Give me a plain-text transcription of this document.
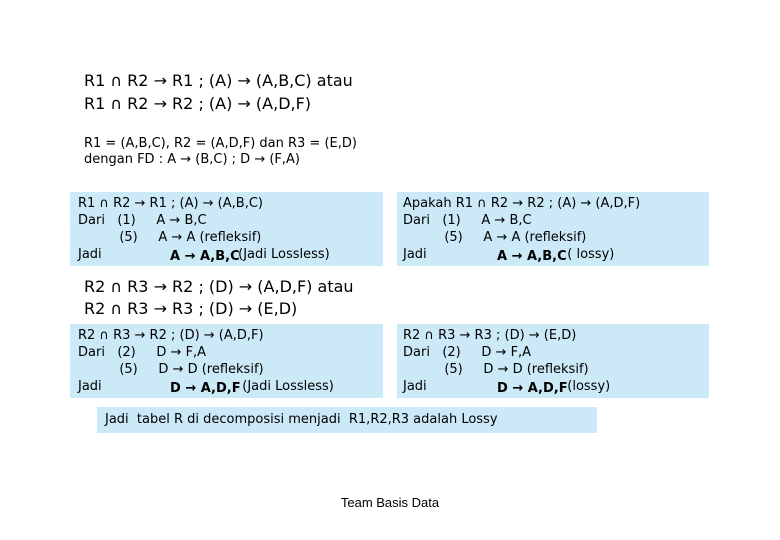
R1 ∩ R2 → R1 ; (A) → (A,B,C) atau
R1 ∩ R2 → R2 ; (A) → (A,D,F)
R1 = (A,B,C), R2 = (A,D,F) dan R3 = (E,D)
dengan FD : A → (B,C) ; D → (F,A)
R1 ∩ R2 → R1 ; (A) → (A,B,C)
Dari   (1)     A → B,C
(5)     A → A (refleksif)
Jadi	A → A,B,C
(Jadi Lossless)
Apakah R1 ∩ R2 → R2 ; (A) → (A,D,F)
Dari   (1)     A → B,C
(5)     A → A (refleksif)
Jadi	A → A,B,C
( lossy)
R2 ∩ R3 → R2 ; (D) → (A,D,F) atau
R2 ∩ R3 → R3 ; (D) → (E,D)
R2 ∩ R3 → R2 ; (D) → (A,D,F)
Dari   (2)     D → F,A
(5)     D → D (refleksif)
Jadi	D → A,D,F
(Jadi Lossless)
R2 ∩ R3 → R3 ; (D) → (E,D)
Dari   (2)     D → F,A
(5)     D → D (refleksif)
Jadi	D → A,D,F
(lossy)
Jadi  tabel R di decomposisi menjadi  R1,R2,R3 adalah Lossy
Team Basis Data
